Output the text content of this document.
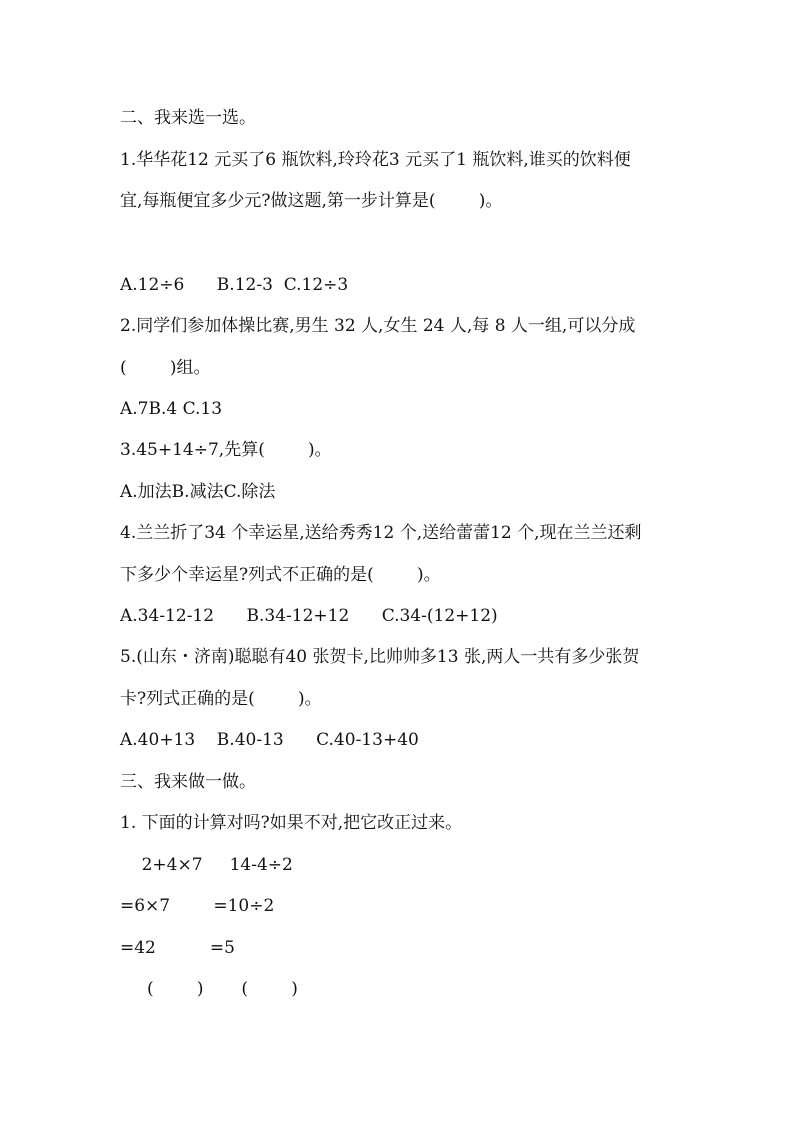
二、我来选一选。
1.华华花12 元买了6 瓶饮料,玲玲花3 元买了1 瓶饮料,谁买的饮料便
宜,每瓶便宜多少元?做这题,第一步计算是(        )。
A.12÷6      B.12-3  C.12÷3
2.同学们参加体操比赛,男生 32 人,女生 24 人,每 8 人一组,可以分成
(        )组。
A.7B.4 C.13
3.45+14÷7,先算(        )。
A.加法B.减法C.除法
4.兰兰折了34 个幸运星,送给秀秀12 个,送给蕾蕾12 个,现在兰兰还剩
下多少个幸运星?列式不正确的是(        )。
A.34-12-12      B.34-12+12      C.34-(12+12)
5.(山东・济南)聪聪有40 张贺卡,比帅帅多13 张,两人一共有多少张贺
卡?列式正确的是(        )。
A.40+13    B.40-13      C.40-13+40
三、我来做一做。
1. 下面的计算对吗?如果不对,把它改正过来。
2+4×7     14-4÷2
=6×7        =10÷2
=42          =5
(        )       (        )
